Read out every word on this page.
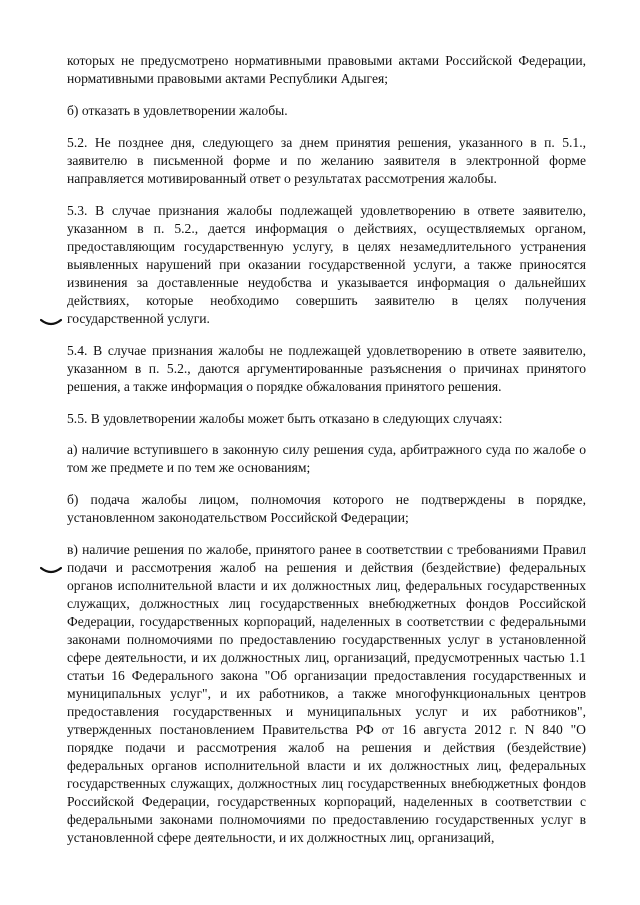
которых не предусмотрено нормативными правовыми актами Российской Федерации, нормативными правовыми актами Республики Адыгея;

б) отказать в удовлетворении жалобы.

5.2. Не позднее дня, следующего за днем принятия решения, указанного в п. 5.1., заявителю в письменной форме и по желанию заявителя в электронной форме направляется мотивированный ответ о результатах рассмотрения жалобы.

5.3. В случае признания жалобы подлежащей удовлетворению в ответе заявителю, указанном в п. 5.2., дается информация о действиях, осуществляемых органом, предоставляющим государственную услугу, в целях незамедлительного устранения выявленных нарушений при оказании государственной услуги, а также приносятся извинения за доставленные неудобства и указывается информация о дальнейших действиях, которые необходимо совершить заявителю в целях получения государственной услуги.

5.4. В случае признания жалобы не подлежащей удовлетворению в ответе заявителю, указанном в п. 5.2., даются аргументированные разъяснения о причинах принятого решения, а также информация о порядке обжалования принятого решения.

5.5. В удовлетворении жалобы может быть отказано в следующих случаях:

а) наличие вступившего в законную силу решения суда, арбитражного суда по жалобе о том же предмете и по тем же основаниям;

б) подача жалобы лицом, полномочия которого не подтверждены в порядке, установленном законодательством Российской Федерации;

в) наличие решения по жалобе, принятого ранее в соответствии с требованиями Правил подачи и рассмотрения жалоб на решения и действия (бездействие) федеральных органов исполнительной власти и их должностных лиц, федеральных государственных служащих, должностных лиц государственных внебюджетных фондов Российской Федерации, государственных корпораций, наделенных в соответствии с федеральными законами полномочиями по предоставлению государственных услуг в установленной сфере деятельности, и их должностных лиц, организаций, предусмотренных частью 1.1 статьи 16 Федерального закона "Об организации предоставления государственных и муниципальных услуг", и их работников, а также многофункциональных центров предоставления государственных и муниципальных услуг и их работников", утвержденных постановлением Правительства РФ от 16 августа 2012 г. N 840 "О порядке подачи и рассмотрения жалоб на решения и действия (бездействие) федеральных органов исполнительной власти и их должностных лиц, федеральных государственных служащих, должностных лиц государственных внебюджетных фондов Российской Федерации, государственных корпораций, наделенных в соответствии с федеральными законами полномочиями по предоставлению государственных услуг в установленной сфере деятельности, и их должностных лиц, организаций,
